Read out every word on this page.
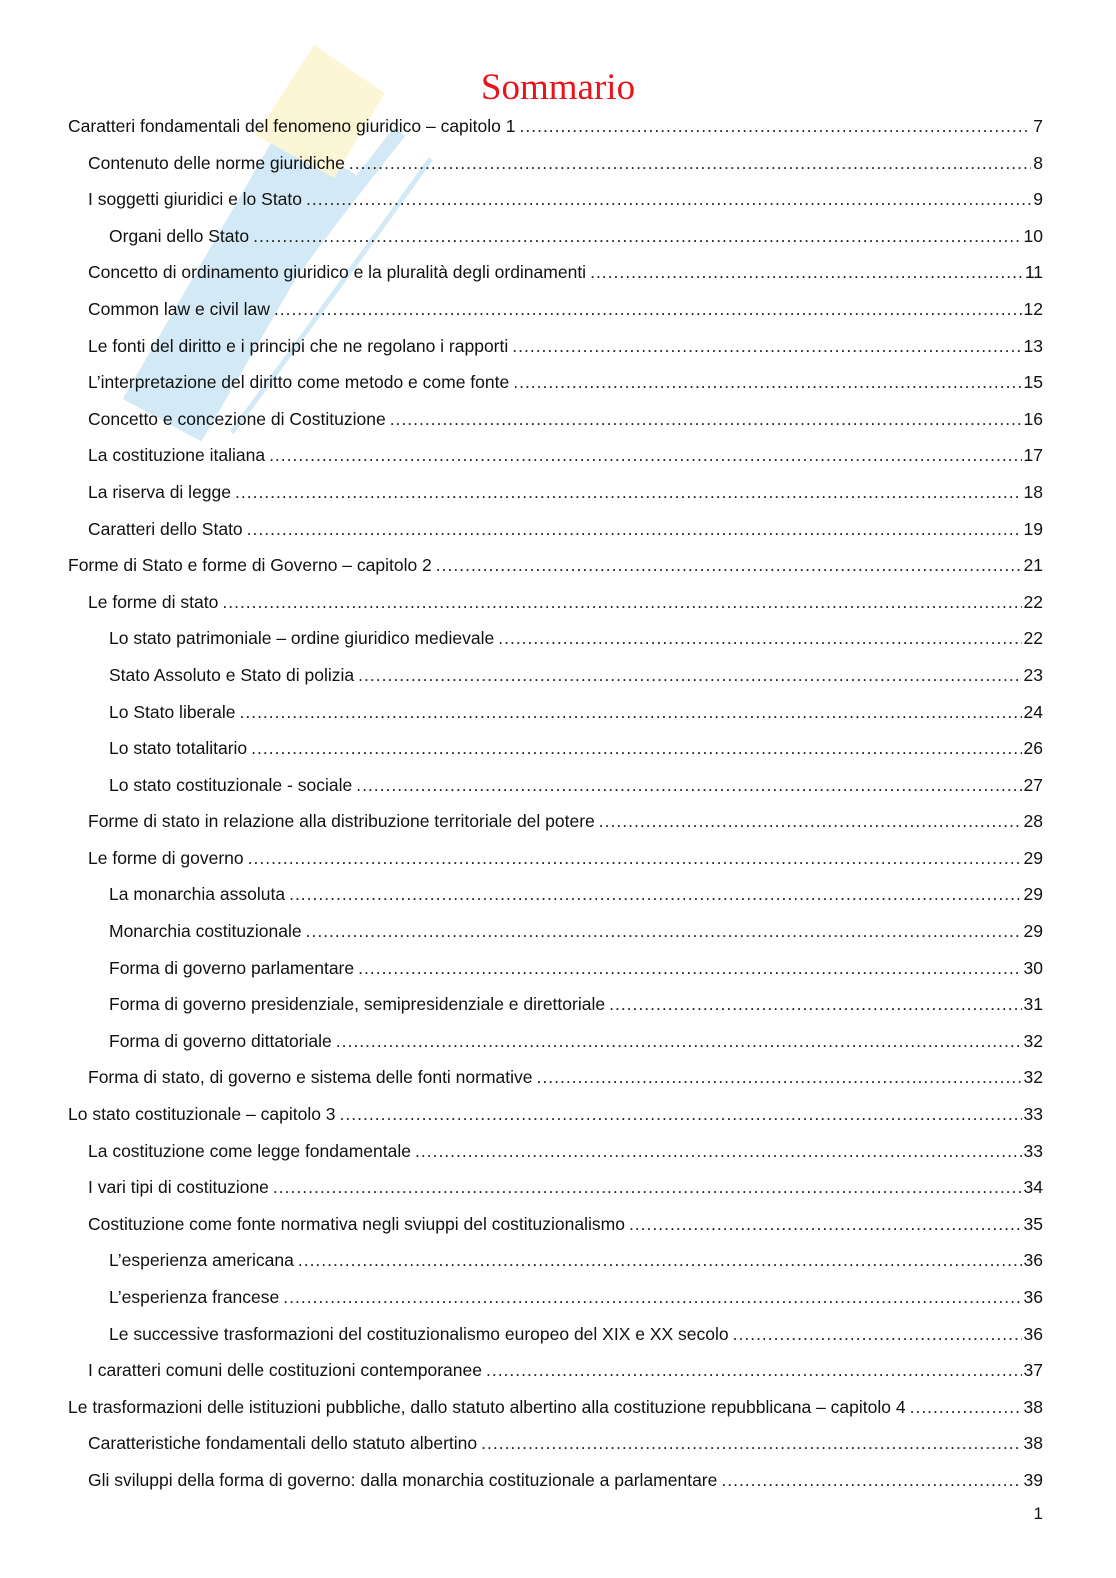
Sommario
Caratteri fondamentali del fenomeno giuridico – capitolo 1 .....	7
Contenuto delle norme giuridiche .....	8
I soggetti giuridici e lo Stato .....	9
Organi dello Stato .....	10
Concetto di ordinamento giuridico e la pluralità degli ordinamenti .....	11
Common law e civil law .....	12
Le fonti del diritto e i principi che ne regolano i rapporti .....	13
L’interpretazione del diritto come metodo e come fonte .....	15
Concetto e concezione di Costituzione .....	16
La costituzione italiana .....	17
La riserva di legge .....	18
Caratteri dello Stato .....	19
Forme di Stato e forme di Governo – capitolo 2 .....	21
Le forme di stato .....	22
Lo stato patrimoniale – ordine giuridico medievale .....	22
Stato Assoluto e Stato di polizia .....	23
Lo Stato liberale .....	24
Lo stato totalitario .....	26
Lo stato costituzionale - sociale .....	27
Forme di stato in relazione alla distribuzione territoriale del potere .....	28
Le forme di governo .....	29
La monarchia assoluta .....	29
Monarchia costituzionale .....	29
Forma di governo parlamentare .....	30
Forma di governo presidenziale, semipresidenziale e direttoriale .....	31
Forma di governo dittatoriale .....	32
Forma di stato, di governo e sistema delle fonti normative .....	32
Lo stato costituzionale – capitolo 3 .....	33
La costituzione come legge fondamentale .....	33
I vari tipi di costituzione .....	34
Costituzione come fonte normativa negli sviuppi del costituzionalismo .....	35
L’esperienza americana .....	36
L’esperienza francese .....	36
Le successive trasformazioni del costituzionalismo europeo del XIX e XX secolo .....	36
I caratteri comuni delle costituzioni contemporanee .....	37
Le trasformazioni delle istituzioni pubbliche, dallo statuto albertino alla costituzione repubblicana – capitolo 4 .....	38
Caratteristiche fondamentali dello statuto albertino .....	38
Gli sviluppi della forma di governo: dalla monarchia costituzionale a parlamentare .....	39
1
